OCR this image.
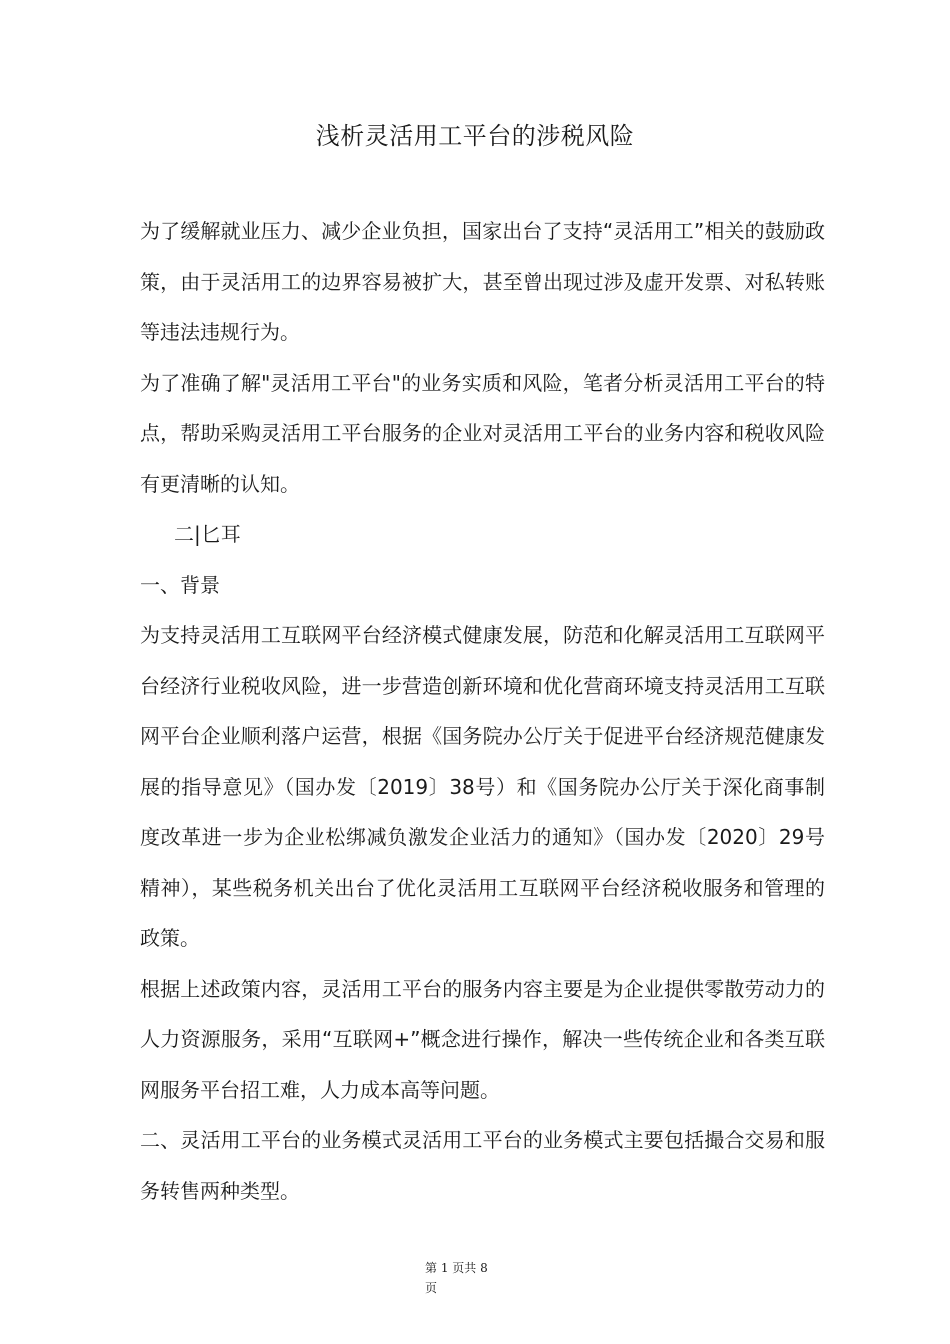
浅析灵活用工平台的涉税风险

为了缓解就业压力、减少企业负担，国家出台了支持“灵活用工”相关的鼓励政策，由于灵活用工的边界容易被扩大，甚至曾出现过涉及虚开发票、对私转账等违法违规行为。

为了准确了解"灵活用工平台"的业务实质和风险，笔者分析灵活用工平台的特点，帮助采购灵活用工平台服务的企业对灵活用工平台的业务内容和税收风险有更清晰的认知。

二|匕耳

一、背景

为支持灵活用工互联网平台经济模式健康发展，防范和化解灵活用工互联网平台经济行业税收风险，进一步营造创新环境和优化营商环境支持灵活用工互联网平台企业顺利落户运营，根据《国务院办公厅关于促进平台经济规范健康发展的指导意见》（国办发〔2019〕38号）和《国务院办公厅关于深化商事制度改革进一步为企业松绑减负激发企业活力的通知》（国办发〔2020〕29号精神），某些税务机关出台了优化灵活用工互联网平台经济税收服务和管理的政策。

根据上述政策内容，灵活用工平台的服务内容主要是为企业提供零散劳动力的人力资源服务，采用“互联网+”概念进行操作，解决一些传统企业和各类互联网服务平台招工难，人力成本高等问题。

二、灵活用工平台的业务模式灵活用工平台的业务模式主要包括撮合交易和服务转售两种类型。

第 1 页共 8
页
